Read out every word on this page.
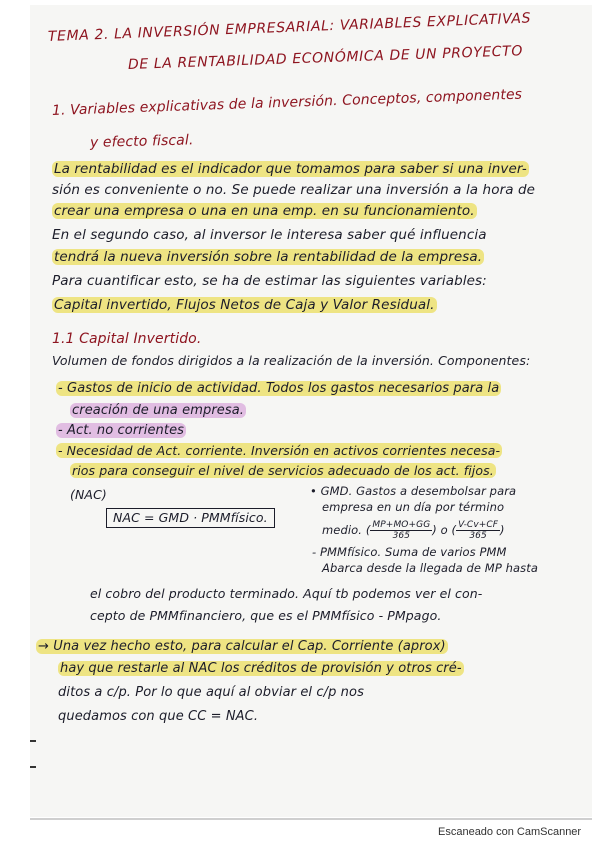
TEMA 2. LA INVERSIÓN EMPRESARIAL: VARIABLES EXPLICATIVAS
DE LA RENTABILIDAD ECONÓMICA DE UN PROYECTO
1. Variables explicativas de la inversión. Conceptos, componentes
y efecto fiscal.
La rentabilidad es el indicador que tomamos para saber si una inver-
sión es conveniente o no. Se puede realizar una inversión a la hora de
crear una empresa o una en una emp. en su funcionamiento.
En el segundo caso, al inversor le interesa saber qué influencia
tendrá la nueva inversión sobre la rentabilidad de la empresa.
Para cuantificar esto, se ha de estimar las siguientes variables:
Capital invertido, Flujos Netos de Caja y Valor Residual.
1.1 Capital Invertido.
Volumen de fondos dirigidos a la realización de la inversión. Componentes:
- Gastos de inicio de actividad. Todos los gastos necesarios para la
creación de una empresa.
- Act. no corrientes
- Necesidad de Act. corriente. Inversión en activos corrientes necesa-
rios para conseguir el nivel de servicios adecuado de los act. fijos.
(NAC)
NAC = GMD · PMMfísico.
• GMD. Gastos a desembolsar para
empresa en un día por término
medio. ( $\frac{MP+MO+GG}{365}$ ) o ( $\frac{V-Cv+CF}{365}$ )
- PMMfísico. Suma de varios PMM
Abarca desde la llegada de MP hasta
el cobro del producto terminado. Aquí tb podemos ver el con-
cepto de PMMfinanciero, que es el PMMfísico - PMpago.
→ Una vez hecho esto, para calcular el Cap. Corriente (aprox)
hay que restarle al NAC los créditos de provisión y otros cré-
ditos a c/p. Por lo que aquí al obviar el c/p nos
quedamos con que CC = NAC.
Escaneado con CamScanner
